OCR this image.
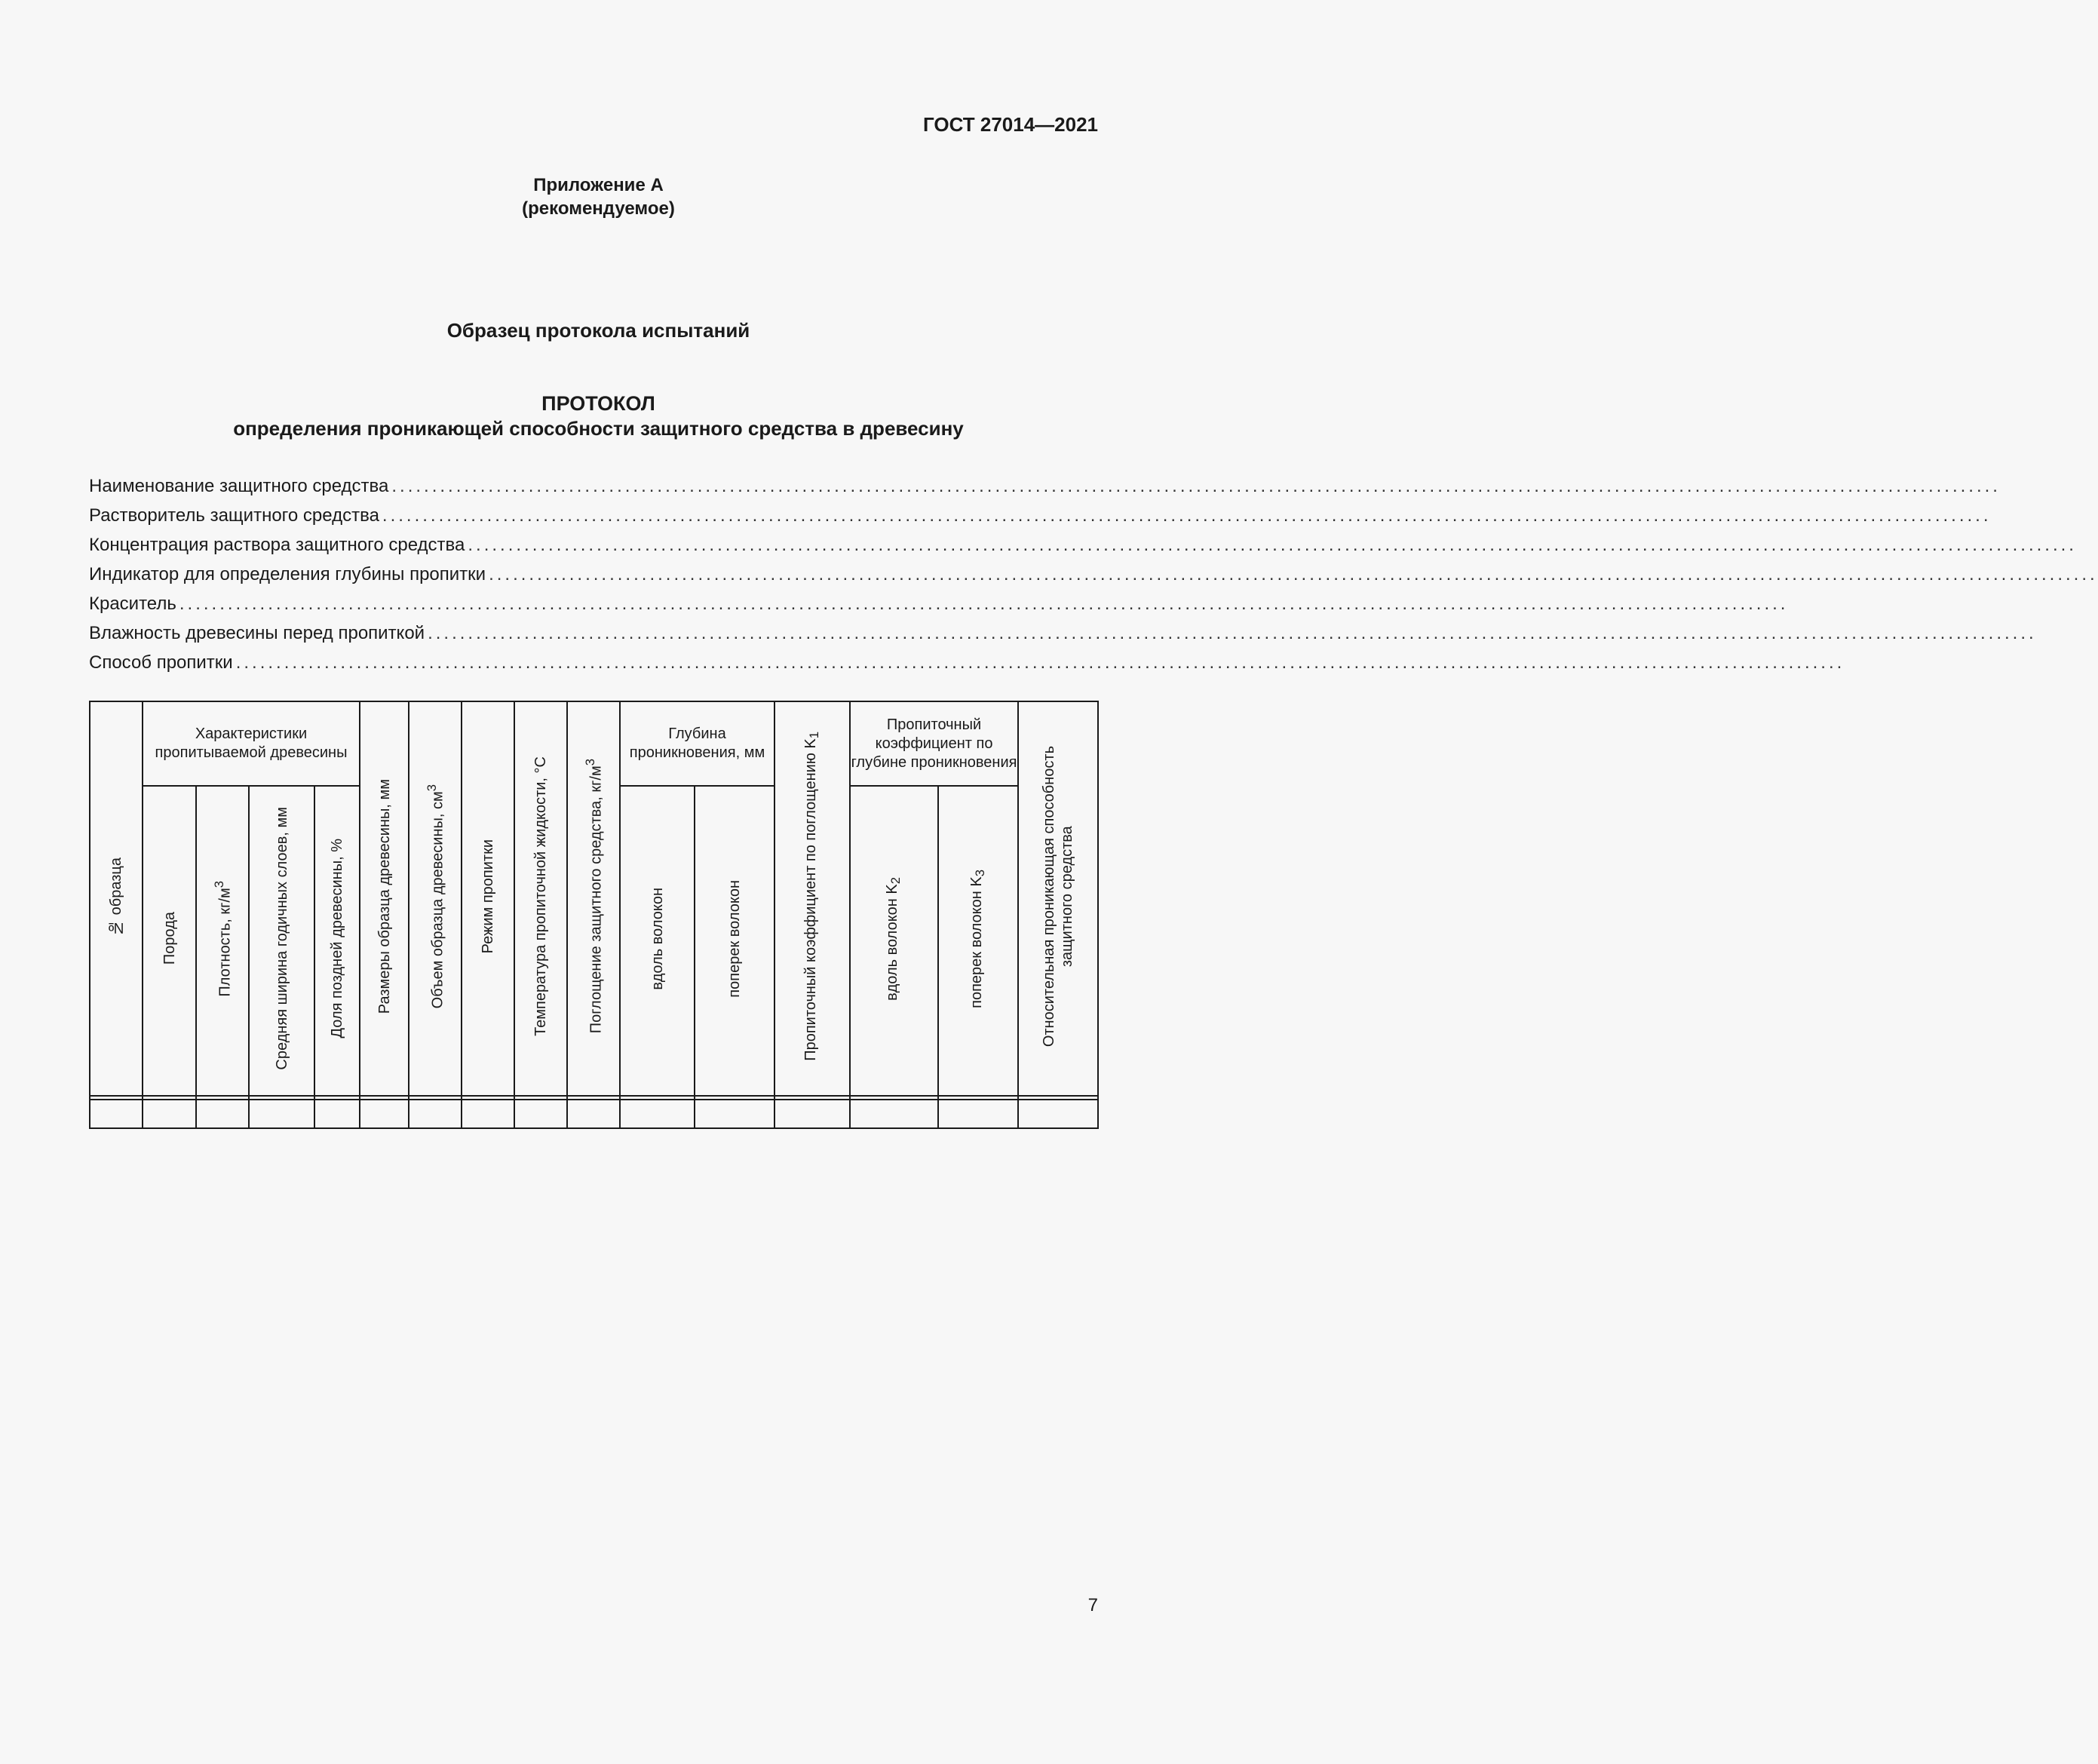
ГОСТ 27014—2021
Приложение А
(рекомендуемое)
Образец протокола испытаний
ПРОТОКОЛ
определения проникающей способности защитного средства в древесину
Наименование защитного средства ........................................................................................................................................................................................................
Растворитель защитного средства ........................................................................................................................................................................................................
Концентрация раствора защитного средства ........................................................................................................................................................................................................
Индикатор для определения глубины пропитки ........................................................................................................................................................................................................
Краситель ........................................................................................................................................................................................................
Влажность древесины перед пропиткой ........................................................................................................................................................................................................
Способ пропитки ........................................................................................................................................................................................................
№ образца	Характеристики пропитываемой древесины				Размеры образца древесины, мм	Объем образца древесины, $см^3$	Режим пропитки	Температура пропиточной жидкости, °С	Поглощение защитного средства, $кг/м^3$	Глубина проникновения, мм		Пропиточный коэффициент по поглощению $K_1$	Пропиточный коэффициент по глубине проникновения		Относительная проникающая способность защитного средства
	Порода	Плотность, $кг/м^3$	Средняя ширина годичных слоев, мм	Доля поздней древесины, %						вдоль волокон	поперек волокон		вдоль волокон $K_2$	поперек волокон $K_3$

7
